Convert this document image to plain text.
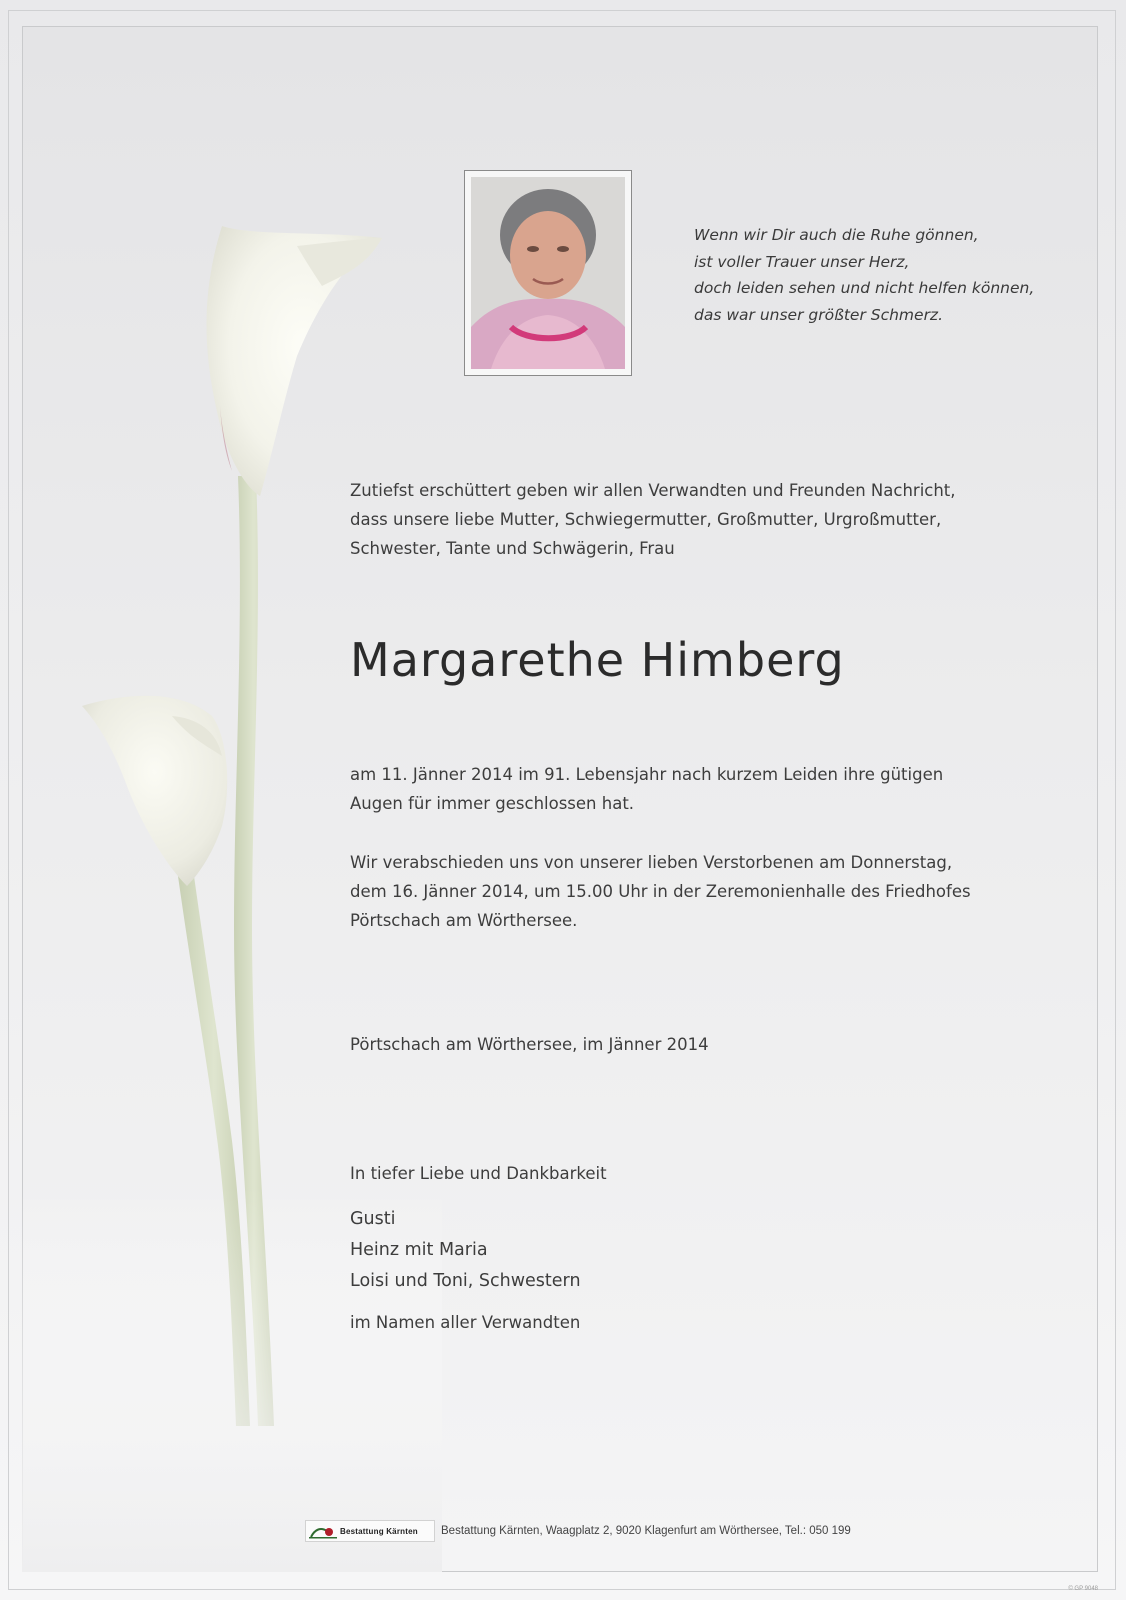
Wenn wir Dir auch die Ruhe gönnen,
ist voller Trauer unser Herz,
doch leiden sehen und nicht helfen können,
das war unser größter Schmerz.
Zutiefst erschüttert geben wir allen Verwandten und Freunden Nachricht,
dass unsere liebe Mutter, Schwiegermutter, Großmutter, Urgroßmutter,
Schwester, Tante und Schwägerin, Frau
Margarethe Himberg
am 11. Jänner 2014 im 91. Lebensjahr nach kurzem Leiden ihre gütigen
Augen für immer geschlossen hat.
Wir verabschieden uns von unserer lieben Verstorbenen am Donnerstag,
dem 16. Jänner 2014, um 15.00 Uhr in der Zeremonienhalle des Friedhofes
Pörtschach am Wörthersee.
Pörtschach am Wörthersee, im Jänner 2014
In tiefer Liebe und Dankbarkeit
Gusti
Heinz mit Maria
Loisi und Toni, Schwestern
im Namen aller Verwandten
Bestattung Kärnten Bestattung Kärnten, Waagplatz 2, 9020 Klagenfurt am Wörthersee, Tel.: 050 199
© GP 9048
